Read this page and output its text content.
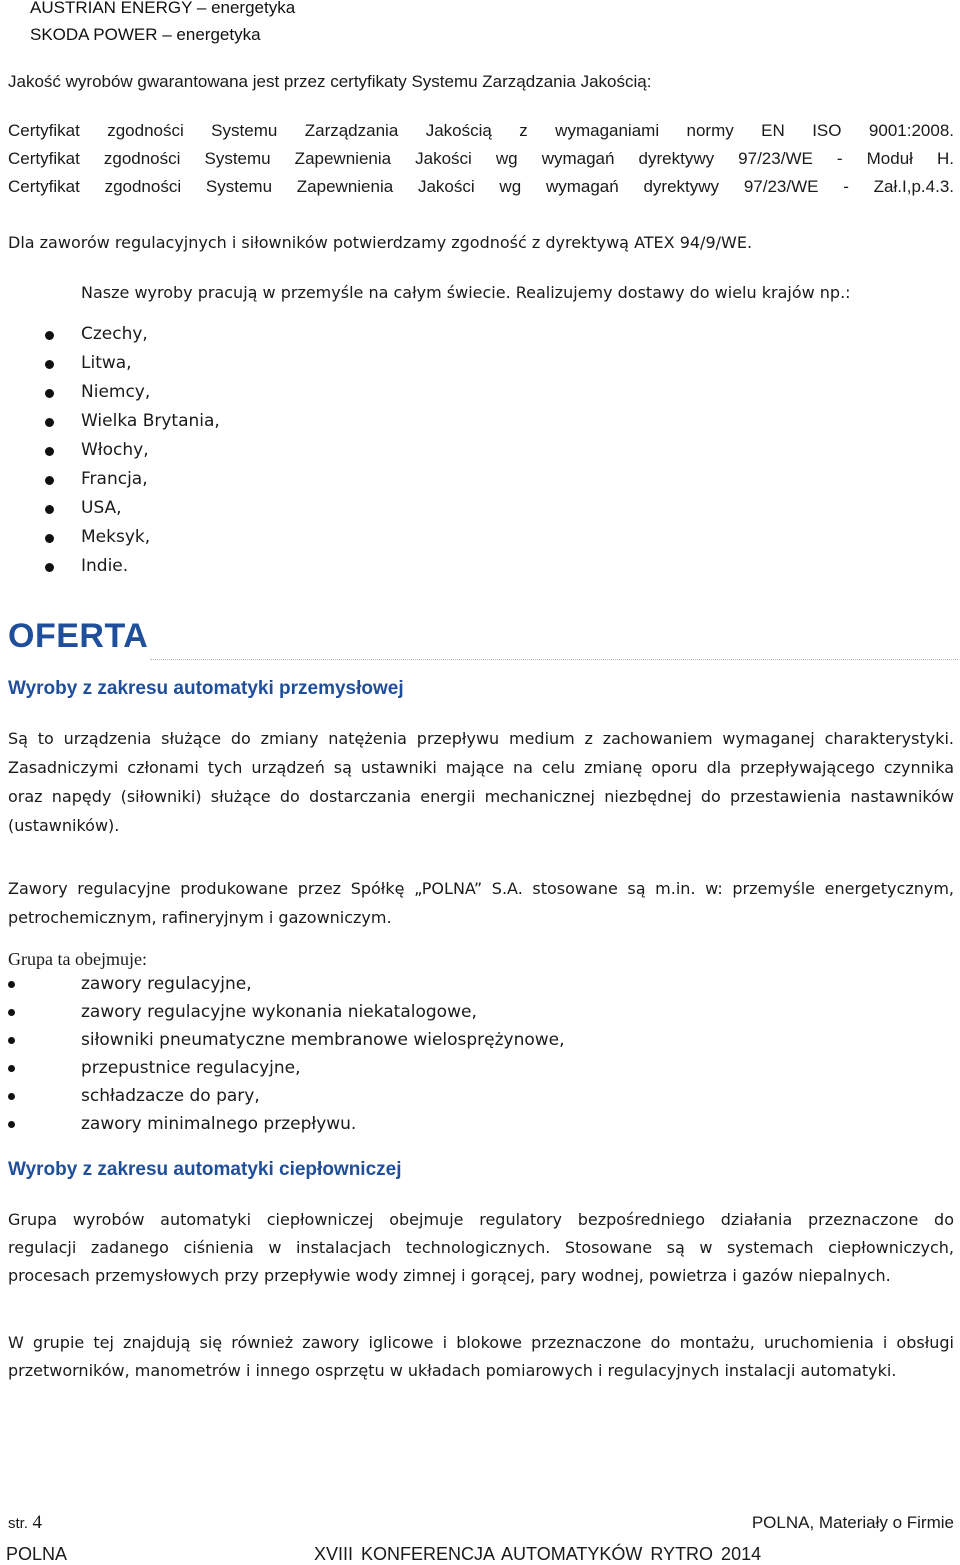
AUSTRIAN ENERGY – energetyka
SKODA POWER – energetyka
Jakość wyrobów gwarantowana jest przez certyfikaty Systemu Zarządzania Jakością:
Certyfikat zgodności Systemu Zarządzania Jakością z wymaganiami normy EN ISO 9001:2008.
Certyfikat zgodności Systemu Zapewnienia Jakości wg wymagań dyrektywy 97/23/WE - Moduł H.
Certyfikat zgodności Systemu Zapewnienia Jakości wg wymagań dyrektywy 97/23/WE - Zał.I,p.4.3.
Dla zaworów regulacyjnych i siłowników potwierdzamy zgodność z dyrektywą ATEX 94/9/WE.
Nasze wyroby pracują w przemyśle na całym świecie. Realizujemy dostawy do wielu krajów np.:
Czechy,
Litwa,
Niemcy,
Wielka Brytania,
Włochy,
Francja,
USA,
Meksyk,
Indie.
OFERTA
Wyroby z zakresu automatyki przemysłowej
Są to urządzenia służące do zmiany natężenia przepływu medium z zachowaniem wymaganej charakterystyki.
Zasadniczymi członami tych urządzeń są ustawniki mające na celu zmianę oporu dla przepływającego czynnika
oraz napędy (siłowniki) służące do dostarczania energii mechanicznej niezbędnej do przestawienia nastawników
(ustawników).
Zawory regulacyjne produkowane przez Spółkę „POLNA” S.A. stosowane są m.in. w: przemyśle energetycznym,
petrochemicznym, rafineryjnym i gazowniczym.
Grupa ta obejmuje:
zawory regulacyjne,
zawory regulacyjne wykonania niekatalogowe,
siłowniki pneumatyczne membranowe wielosprężynowe,
przepustnice regulacyjne,
schładzacze do pary,
zawory minimalnego przepływu.
Wyroby z zakresu automatyki ciepłowniczej
Grupa wyrobów automatyki ciepłowniczej obejmuje regulatory bezpośredniego działania przeznaczone do
regulacji zadanego ciśnienia w instalacjach technologicznych. Stosowane są w systemach ciepłowniczych,
procesach przemysłowych przy przepływie wody zimnej i gorącej, pary wodnej, powietrza i gazów niepalnych.
W grupie tej znajdują się również zawory iglicowe i blokowe przeznaczone do montażu, uruchomienia i obsługi
przetworników, manometrów i innego osprzętu w układach pomiarowych i regulacyjnych instalacji automatyki.
str. 4	POLNA, Materiały o Firmie
POLNA	XVIII KONFERENCJA AUTOMATYKÓW RYTRO 2014
